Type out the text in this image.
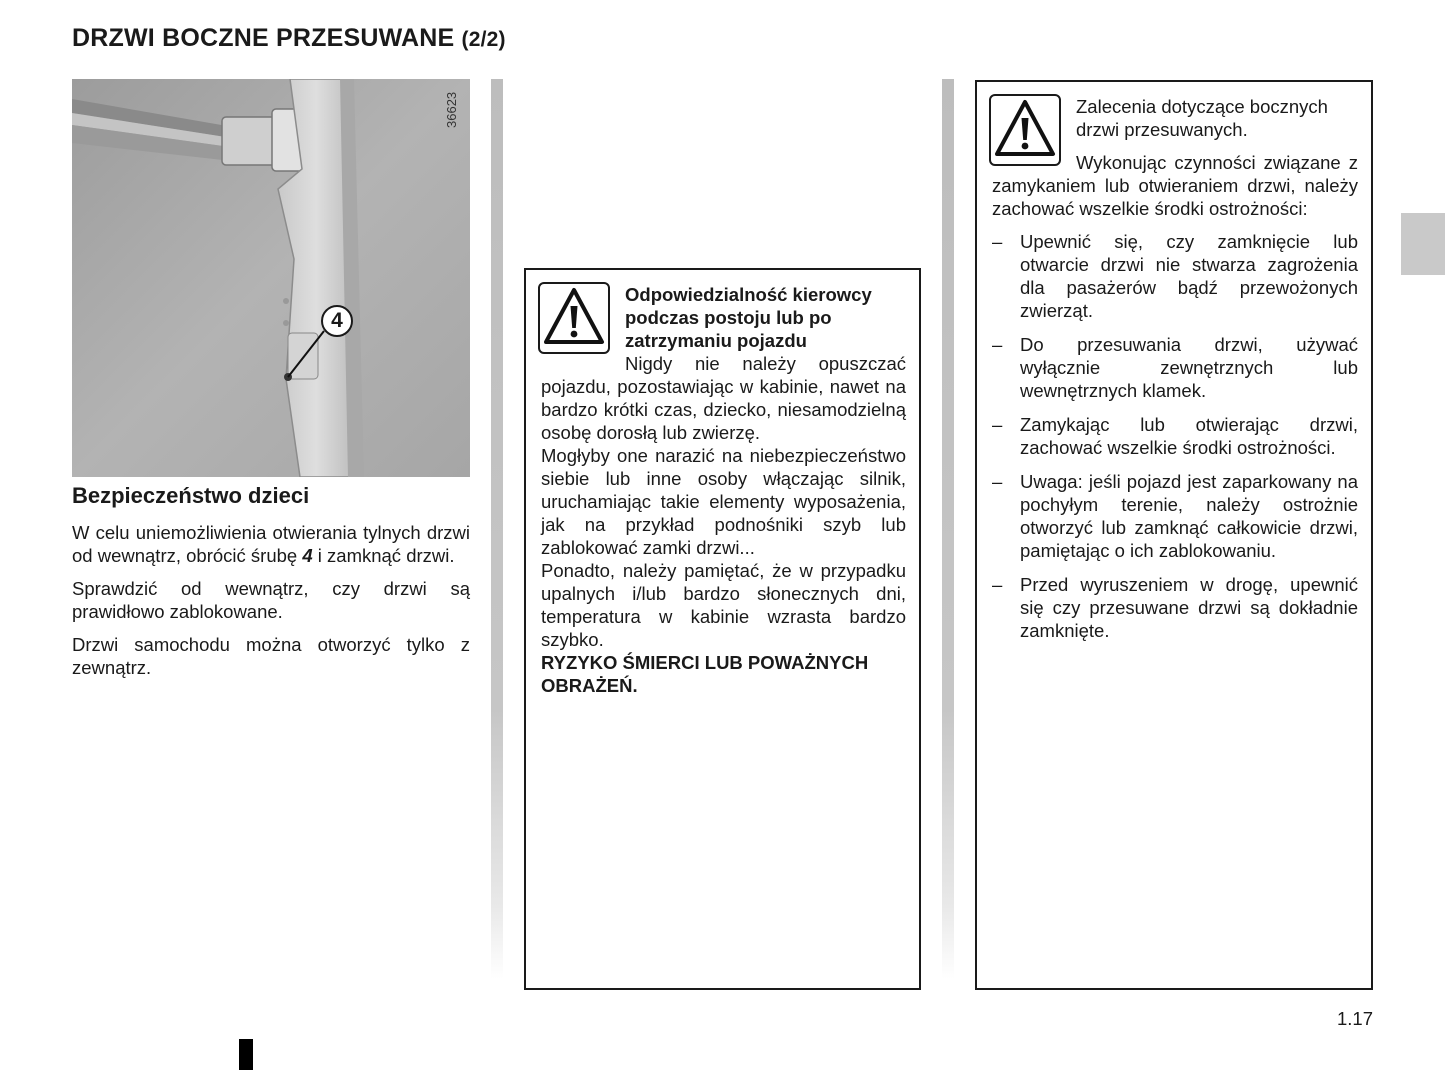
DRZWI BOCZNE PRZESUWANE (2/2)
36623
4
Bezpieczeństwo dzieci

W celu uniemożliwienia otwierania tylnych drzwi od wewnątrz, obrócić śrubę 4 i zamknąć drzwi.

Sprawdzić od wewnątrz, czy drzwi są prawidłowo zablokowane.

Drzwi samochodu można otworzyć tylko z zewnątrz.

Odpowiedzialność kierowcy podczas postoju lub po zatrzymaniu pojazdu

Nigdy nie należy opuszczać pojazdu, pozostawiając w kabinie, nawet na bardzo krótki czas, dziecko, niesamodzielną osobę dorosłą lub zwierzę.

Mogłyby one narazić na niebezpieczeństwo siebie lub inne osoby włączając silnik, uruchamiając takie elementy wyposażenia, jak na przykład podnośniki szyb lub zablokować zamki drzwi...

Ponadto, należy pamiętać, że w przypadku upalnych i/lub bardzo słonecznych dni, temperatura w kabinie wzrasta bardzo szybko.

RYZYKO ŚMIERCI LUB POWAŻNYCH OBRAŻEŃ.

Zalecenia dotyczące bocznych drzwi przesuwanych.

Wykonując czynności związane z zamykaniem lub otwieraniem drzwi, należy zachować wszelkie środki ostrożności:

– Upewnić się, czy zamknięcie lub otwarcie drzwi nie stwarza zagrożenia dla pasażerów bądź przewożonych zwierząt.
– Do przesuwania drzwi, używać wyłącznie zewnętrznych lub wewnętrznych klamek.
– Zamykając lub otwierając drzwi, zachować wszelkie środki ostrożności.
– Uwaga: jeśli pojazd jest zaparkowany na pochyłym terenie, należy ostrożnie otworzyć lub zamknąć całkowicie drzwi, pamiętając o ich zablokowaniu.
– Przed wyruszeniem w drogę, upewnić się czy przesuwane drzwi są dokładnie zamknięte.
1.17
